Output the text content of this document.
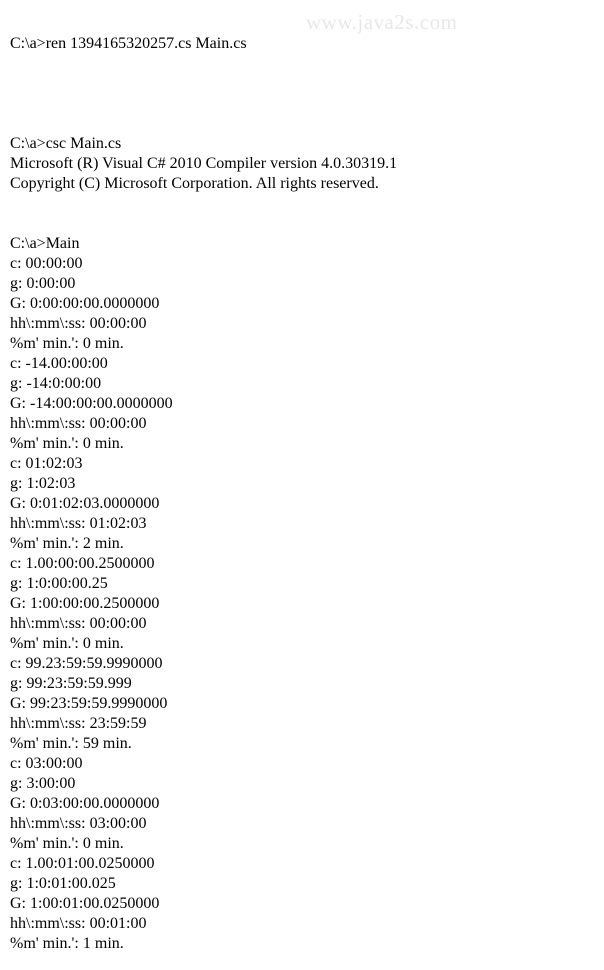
www.java2s.com
C:\a>ren 1394165320257.cs Main.cs
C:\a>csc Main.cs
Microsoft (R) Visual C# 2010 Compiler version 4.0.30319.1
Copyright (C) Microsoft Corporation. All rights reserved.
C:\a>Main
c: 00:00:00
g: 0:00:00
G: 0:00:00:00.0000000
hh\:mm\:ss: 00:00:00
%m' min.': 0 min.
c: -14.00:00:00
g: -14:0:00:00
G: -14:00:00:00.0000000
hh\:mm\:ss: 00:00:00
%m' min.': 0 min.
c: 01:02:03
g: 1:02:03
G: 0:01:02:03.0000000
hh\:mm\:ss: 01:02:03
%m' min.': 2 min.
c: 1.00:00:00.2500000
g: 1:0:00:00.25
G: 1:00:00:00.2500000
hh\:mm\:ss: 00:00:00
%m' min.': 0 min.
c: 99.23:59:59.9990000
g: 99:23:59:59.999
G: 99:23:59:59.9990000
hh\:mm\:ss: 23:59:59
%m' min.': 59 min.
c: 03:00:00
g: 3:00:00
G: 0:03:00:00.0000000
hh\:mm\:ss: 03:00:00
%m' min.': 0 min.
c: 1.00:01:00.0250000
g: 1:0:01:00.025
G: 1:00:01:00.0250000
hh\:mm\:ss: 00:01:00
%m' min.': 1 min.
